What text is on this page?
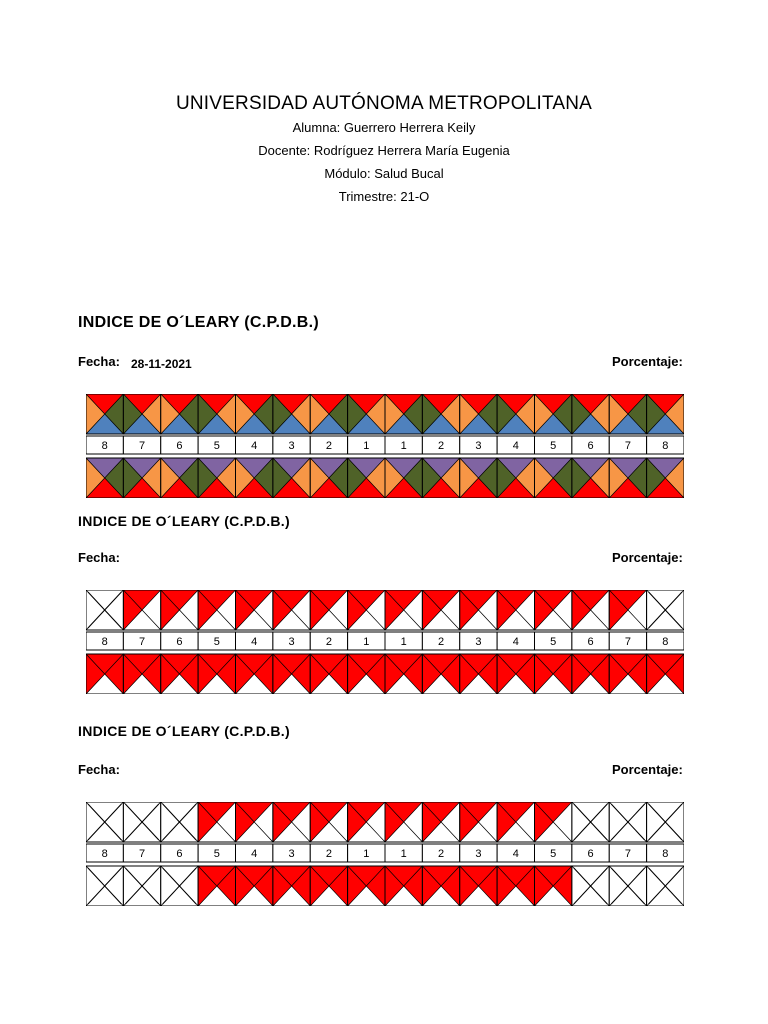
UNIVERSIDAD AUTÓNOMA METROPOLITANA
Alumna: Guerrero Herrera Keily
Docente: Rodríguez Herrera María Eugenia
Módulo: Salud Bucal
Trimestre: 21-O
INDICE DE O´LEARY (C.P.D.B.)
Fecha: 28-11-2021	Porcentaje:
8	7	6	5	4	3	2	1	1	2	3	4	5	6	7	8
INDICE DE O´LEARY (C.P.D.B.)
Fecha:	Porcentaje:
8	7	6	5	4	3	2	1	1	2	3	4	5	6	7	8
INDICE DE O´LEARY (C.P.D.B.)
Fecha:	Porcentaje:
8	7	6	5	4	3	2	1	1	2	3	4	5	6	7	8
